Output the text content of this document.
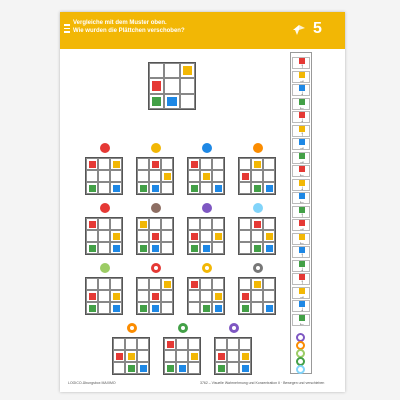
Vergleiche mit dem Muster oben.
Wie wurden die Plättchen verschoben?	5
↑
→
↓
←
↓
↑
→
→
←
↓
←
↑
→
←
↑
↓
↑
→
↓
←
LOGICO-Übungsbox MAXIMO	3762 – Visuelle Wahrnehmung und Konzentration II · Bewegen und verschieben
